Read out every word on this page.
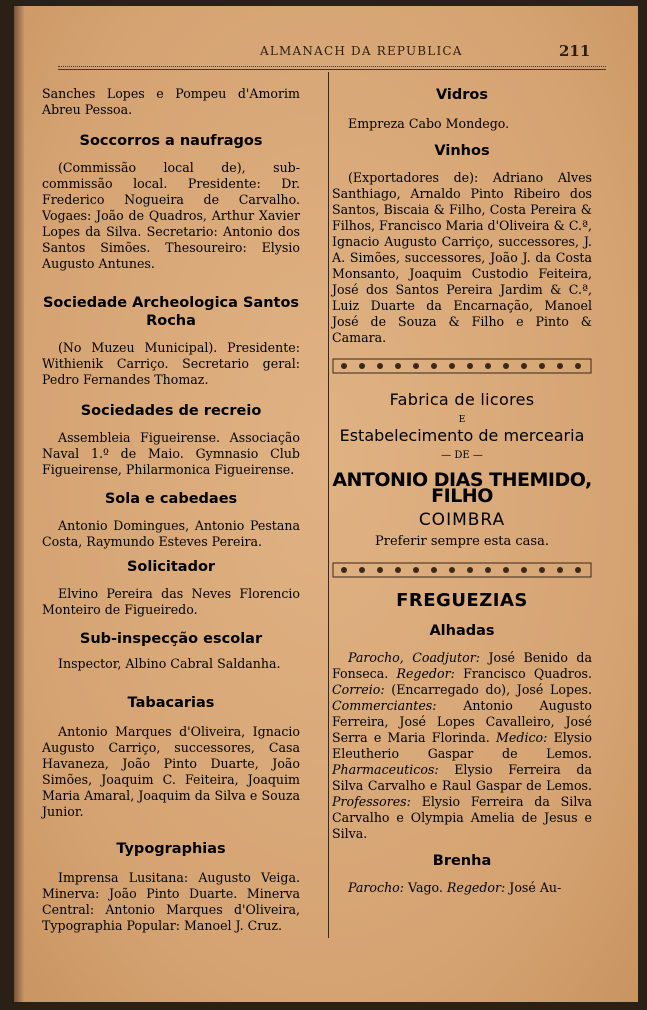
ALMANACH DA REPUBLICA	211

Sanches Lopes e Pompeu d'Amorim Abreu Pessoa.

Soccorros a naufragos

(Commissão local de), sub-commissão local. Presidente: Dr. Frederico Nogueira de Carvalho. Vogaes: João de Quadros, Arthur Xavier Lopes da Silva. Secretario: Antonio dos Santos Simões. Thesoureiro: Elysio Augusto Antunes.

Sociedade Archeologica Santos Rocha

(No Muzeu Municipal). Presidente: Withienik Carriço. Secretario geral: Pedro Fernandes Thomaz.

Sociedades de recreio

Assembleia Figueirense. Associação Naval 1.º de Maio. Gymnasio Club Figueirense, Philarmonica Figueirense.

Sola e cabedaes

Antonio Domingues, Antonio Pestana Costa, Raymundo Esteves Pereira.

Solicitador

Elvino Pereira das Neves Florencio Monteiro de Figueiredo.

Sub-inspecção escolar

Inspector, Albino Cabral Saldanha.

Tabacarias

Antonio Marques d'Oliveira, Ignacio Augusto Carriço, successores, Casa Havaneza, João Pinto Duarte, João Simões, Joaquim C. Feiteira, Joaquim Maria Amaral, Joaquim da Silva e Souza Junior.

Typographias

Imprensa Lusitana: Augusto Veiga. Minerva: João Pinto Duarte. Minerva Central: Antonio Marques d'Oliveira, Typographia Popular: Manoel J. Cruz.

Vidros

Empreza Cabo Mondego.

Vinhos

(Exportadores de): Adriano Alves Santhiago, Arnaldo Pinto Ribeiro dos Santos, Biscaia & Filho, Costa Pereira & Filhos, Francisco Maria d'Oliveira & C.ª, Ignacio Augusto Carriço, successores, J. A. Simões, successores, João J. da Costa Monsanto, Joaquim Custodio Feiteira, José dos Santos Pereira Jardim & C.ª, Luiz Duarte da Encarnação, Manoel José de Souza & Filho e Pinto & Camara.

Fabrica de licores

E

Estabelecimento de mercearia

— DE —

ANTONIO DIAS THEMIDO, FILHO

COIMBRA

Preferir sempre esta casa.

FREGUEZIAS
Alhadas

Parocho, Coadjutor: José Benido da Fonseca. Regedor: Francisco Quadros. Correio: (Encarregado do), José Lopes. Commerciantes: Antonio Augusto Ferreira, José Lopes Cavalleiro, José Serra e Maria Florinda. Medico: Elysio Eleutherio Gaspar de Lemos. Pharmaceuticos: Elysio Ferreira da Silva Carvalho e Raul Gaspar de Lemos. Professores: Elysio Ferreira da Silva Carvalho e Olympia Amelia de Jesus e Silva.

Brenha

Parocho: Vago. Regedor: José Au-
